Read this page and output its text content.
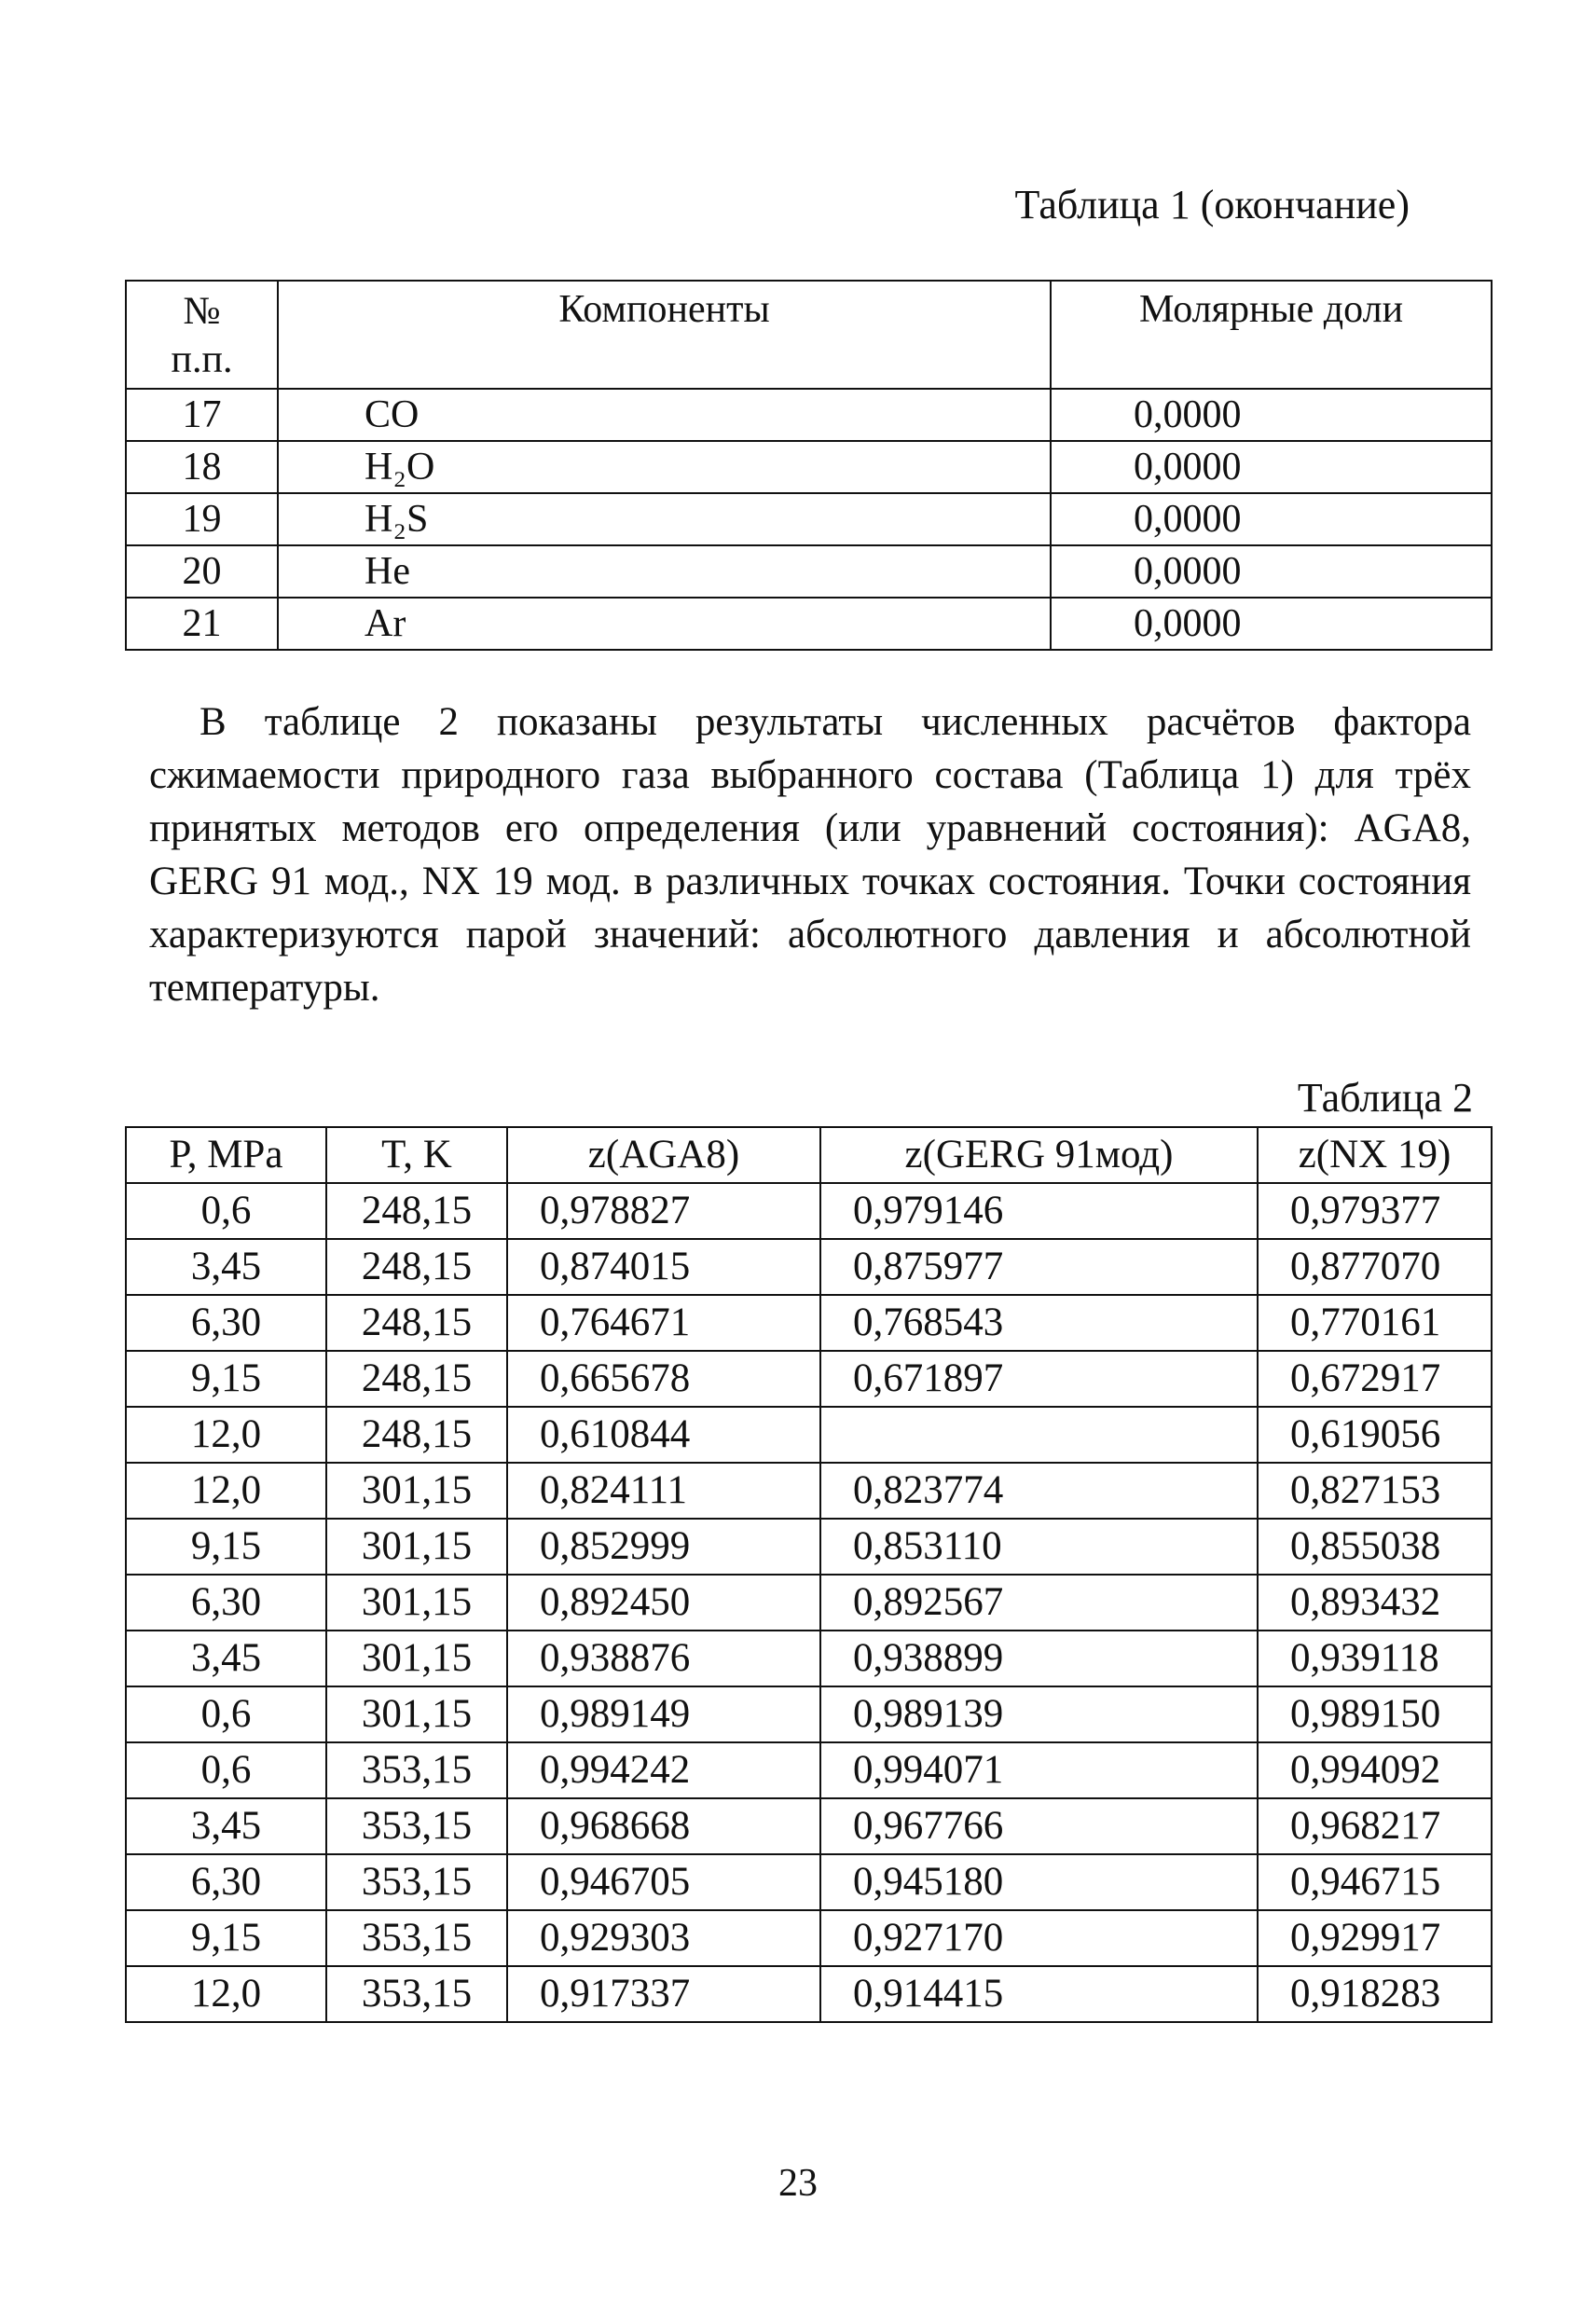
Таблица 1 (окончание)
№
п.п.	Компоненты	Молярные доли
17	CO	0,0000
18	H₂O	0,0000
19	H₂S	0,0000
20	He	0,0000
21	Ar	0,0000

В таблице 2 показаны результаты численных расчётов фактора сжимаемости природного газа выбранного состава (Таблица 1) для трёх принятых методов его определения (или уравнений состояния): AGA8, GERG 91 мод., NX 19 мод. в различных точках состояния. Точки состояния характеризуются парой значений: абсолютного давления и абсолютной температуры.

Таблица 2
P, MPa	T, K	z(AGA8)	z(GERG 91мод)	z(NX 19)
0,6	248,15	0,978827	0,979146	0,979377
3,45	248,15	0,874015	0,875977	0,877070
6,30	248,15	0,764671	0,768543	0,770161
9,15	248,15	0,665678	0,671897	0,672917
12,0	248,15	0,610844		0,619056
12,0	301,15	0,824111	0,823774	0,827153
9,15	301,15	0,852999	0,853110	0,855038
6,30	301,15	0,892450	0,892567	0,893432
3,45	301,15	0,938876	0,938899	0,939118
0,6	301,15	0,989149	0,989139	0,989150
0,6	353,15	0,994242	0,994071	0,994092
3,45	353,15	0,968668	0,967766	0,968217
6,30	353,15	0,946705	0,945180	0,946715
9,15	353,15	0,929303	0,927170	0,929917
12,0	353,15	0,917337	0,914415	0,918283
23
